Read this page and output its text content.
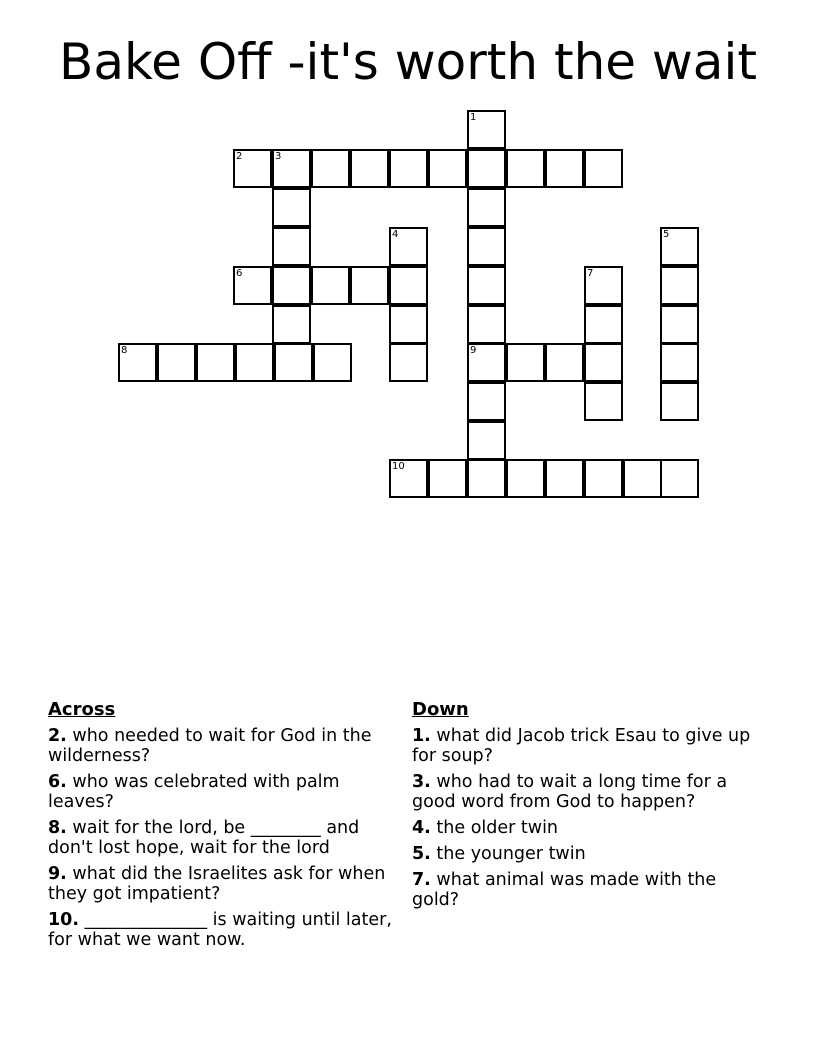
Bake Off -it's worth the wait
1
2	3
4	5
6	7
8	9
10
Across
2. who needed to wait for God in the wilderness?
6. who was celebrated with palm leaves?
8. wait for the lord, be ________ and don't lost hope, wait for the lord
9. what did the Israelites ask for when they got impatient?
10. ______________ is waiting until later, for what we want now.
Down
1. what did Jacob trick Esau to give up for soup?
3. who had to wait a long time for a good word from God to happen?
4. the older twin
5. the younger twin
7. what animal was made with the gold?
